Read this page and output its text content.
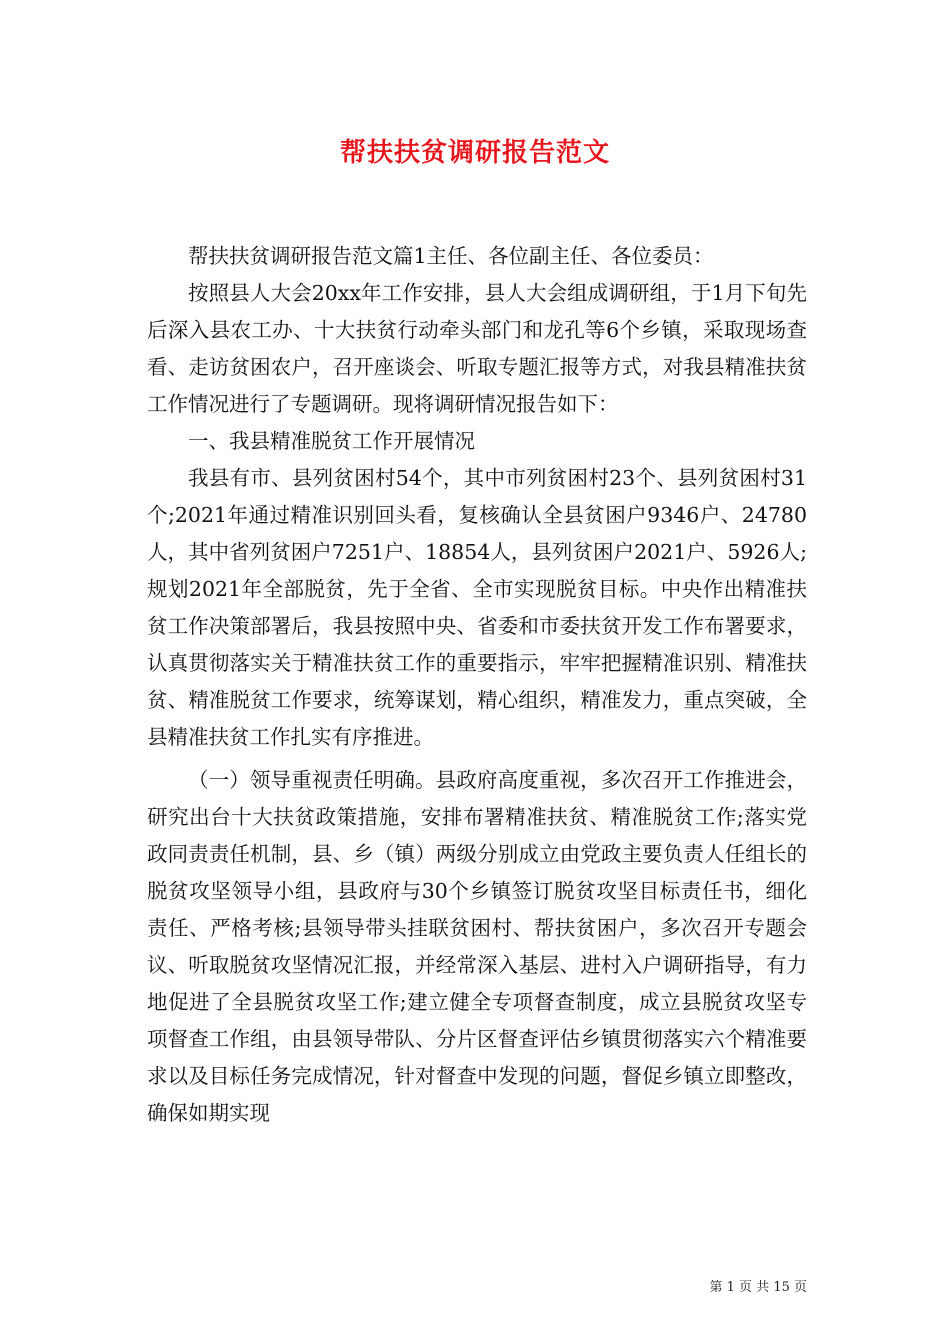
帮扶扶贫调研报告范文

帮扶扶贫调研报告范文篇1主任、各位副主任、各位委员：

按照县人大会20xx年工作安排，县人大会组成调研组，于1月下旬先后深入县农工办、十大扶贫行动牵头部门和龙孔等6个乡镇，采取现场查看、走访贫困农户，召开座谈会、听取专题汇报等方式，对我县精准扶贫工作情况进行了专题调研。现将调研情况报告如下：

一、我县精准脱贫工作开展情况

我县有市、县列贫困村54个，其中市列贫困村23个、县列贫困村31个;2021年通过精准识别回头看，复核确认全县贫困户9346户、24780人，其中省列贫困户7251户、18854人，县列贫困户2021户、5926人;规划2021年全部脱贫，先于全省、全市实现脱贫目标。中央作出精准扶贫工作决策部署后，我县按照中央、省委和市委扶贫开发工作布署要求，认真贯彻落实关于精准扶贫工作的重要指示，牢牢把握精准识别、精准扶贫、精准脱贫工作要求，统筹谋划，精心组织，精准发力，重点突破，全县精准扶贫工作扎实有序推进。

（一）领导重视责任明确。县政府高度重视，多次召开工作推进会，研究出台十大扶贫政策措施，安排布署精准扶贫、精准脱贫工作;落实党政同责责任机制，县、乡（镇）两级分别成立由党政主要负责人任组长的脱贫攻坚领导小组，县政府与30个乡镇签订脱贫攻坚目标责任书，细化责任、严格考核;县领导带头挂联贫困村、帮扶贫困户，多次召开专题会议、听取脱贫攻坚情况汇报，并经常深入基层、进村入户调研指导，有力地促进了全县脱贫攻坚工作;建立健全专项督查制度，成立县脱贫攻坚专项督查工作组，由县领导带队、分片区督查评估乡镇贯彻落实六个精准要求以及目标任务完成情况，针对督查中发现的问题，督促乡镇立即整改，确保如期实现

第 1 页 共 15 页
